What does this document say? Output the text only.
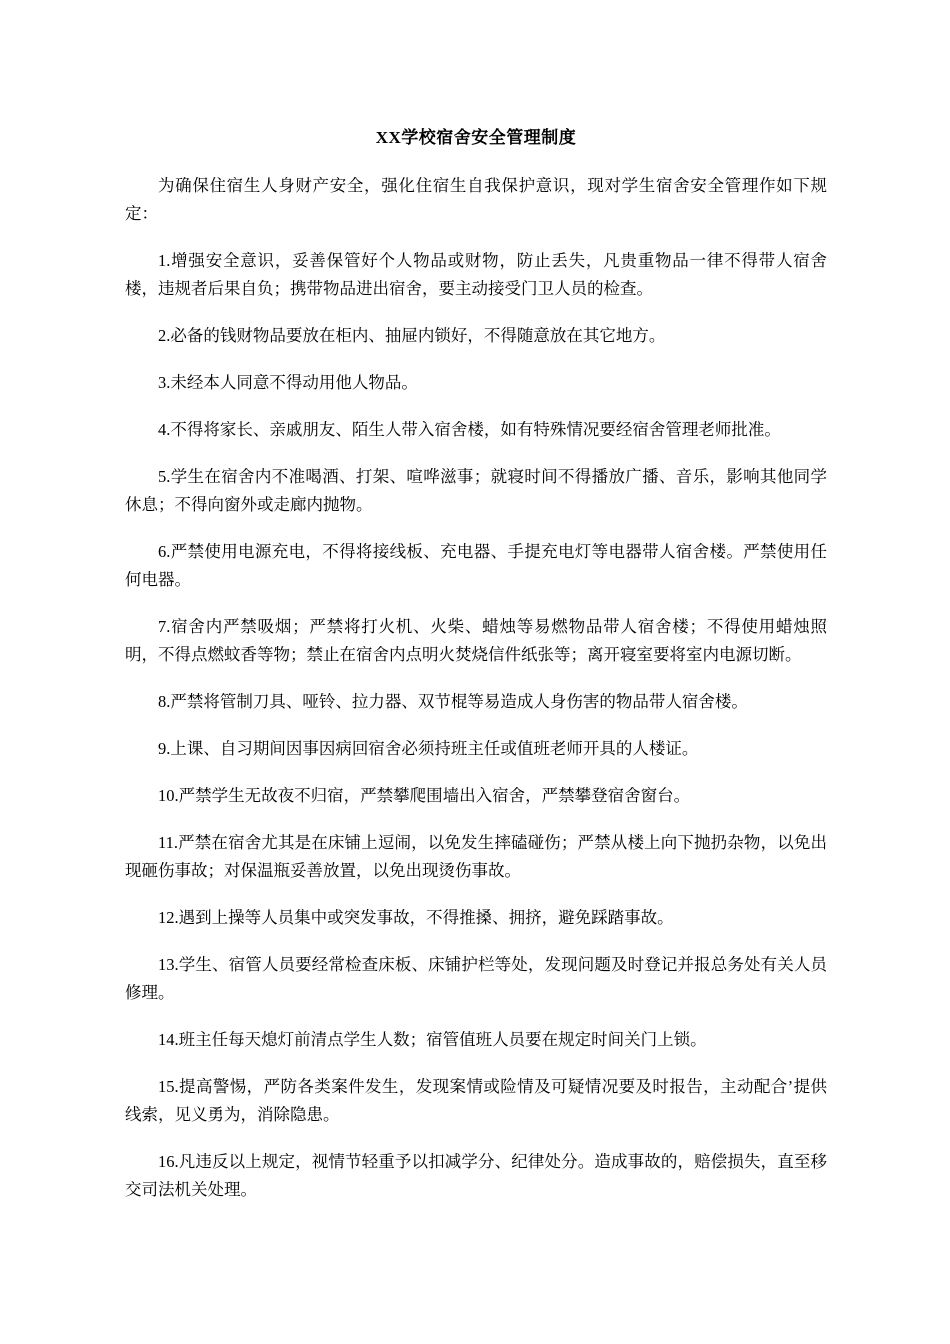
XX学校宿舍安全管理制度

为确保住宿生人身财产安全，强化住宿生自我保护意识，现对学生宿舍安全管理作如下规定：

1.增强安全意识，妥善保管好个人物品或财物，防止丢失，凡贵重物品一律不得带人宿舍楼，违规者后果自负；携带物品进出宿舍，要主动接受门卫人员的检查。

2.必备的钱财物品要放在柜内、抽屉内锁好，不得随意放在其它地方。

3.未经本人同意不得动用他人物品。

4.不得将家长、亲戚朋友、陌生人带入宿舍楼，如有特殊情况要经宿舍管理老师批准。

5.学生在宿舍内不准喝酒、打架、喧哗滋事；就寝时间不得播放广播、音乐，影响其他同学休息；不得向窗外或走廊内抛物。

6.严禁使用电源充电，不得将接线板、充电器、手提充电灯等电器带人宿舍楼。严禁使用任何电器。

7.宿舍内严禁吸烟；严禁将打火机、火柴、蜡烛等易燃物品带人宿舍楼；不得使用蜡烛照明，不得点燃蚊香等物；禁止在宿舍内点明火焚烧信件纸张等；离开寝室要将室内电源切断。

8.严禁将管制刀具、哑铃、拉力器、双节棍等易造成人身伤害的物品带人宿舍楼。

9.上课、自习期间因事因病回宿舍必须持班主任或值班老师开具的人楼证。

10.严禁学生无故夜不归宿，严禁攀爬围墙出入宿舍，严禁攀登宿舍窗台。

11.严禁在宿舍尤其是在床铺上逗闹，以免发生摔磕碰伤；严禁从楼上向下抛扔杂物，以免出现砸伤事故；对保温瓶妥善放置，以免出现烫伤事故。

12.遇到上操等人员集中或突发事故，不得推搡、拥挤，避免踩踏事故。

13.学生、宿管人员要经常检查床板、床铺护栏等处，发现问题及时登记并报总务处有关人员修理。

14.班主任每天熄灯前清点学生人数；宿管值班人员要在规定时间关门上锁。

15.提高警惕，严防各类案件发生，发现案情或险情及可疑情况要及时报告，主动配合’提供线索，见义勇为，消除隐患。

16.凡违反以上规定，视情节轻重予以扣减学分、纪律处分。造成事故的，赔偿损失，直至移交司法机关处理。
